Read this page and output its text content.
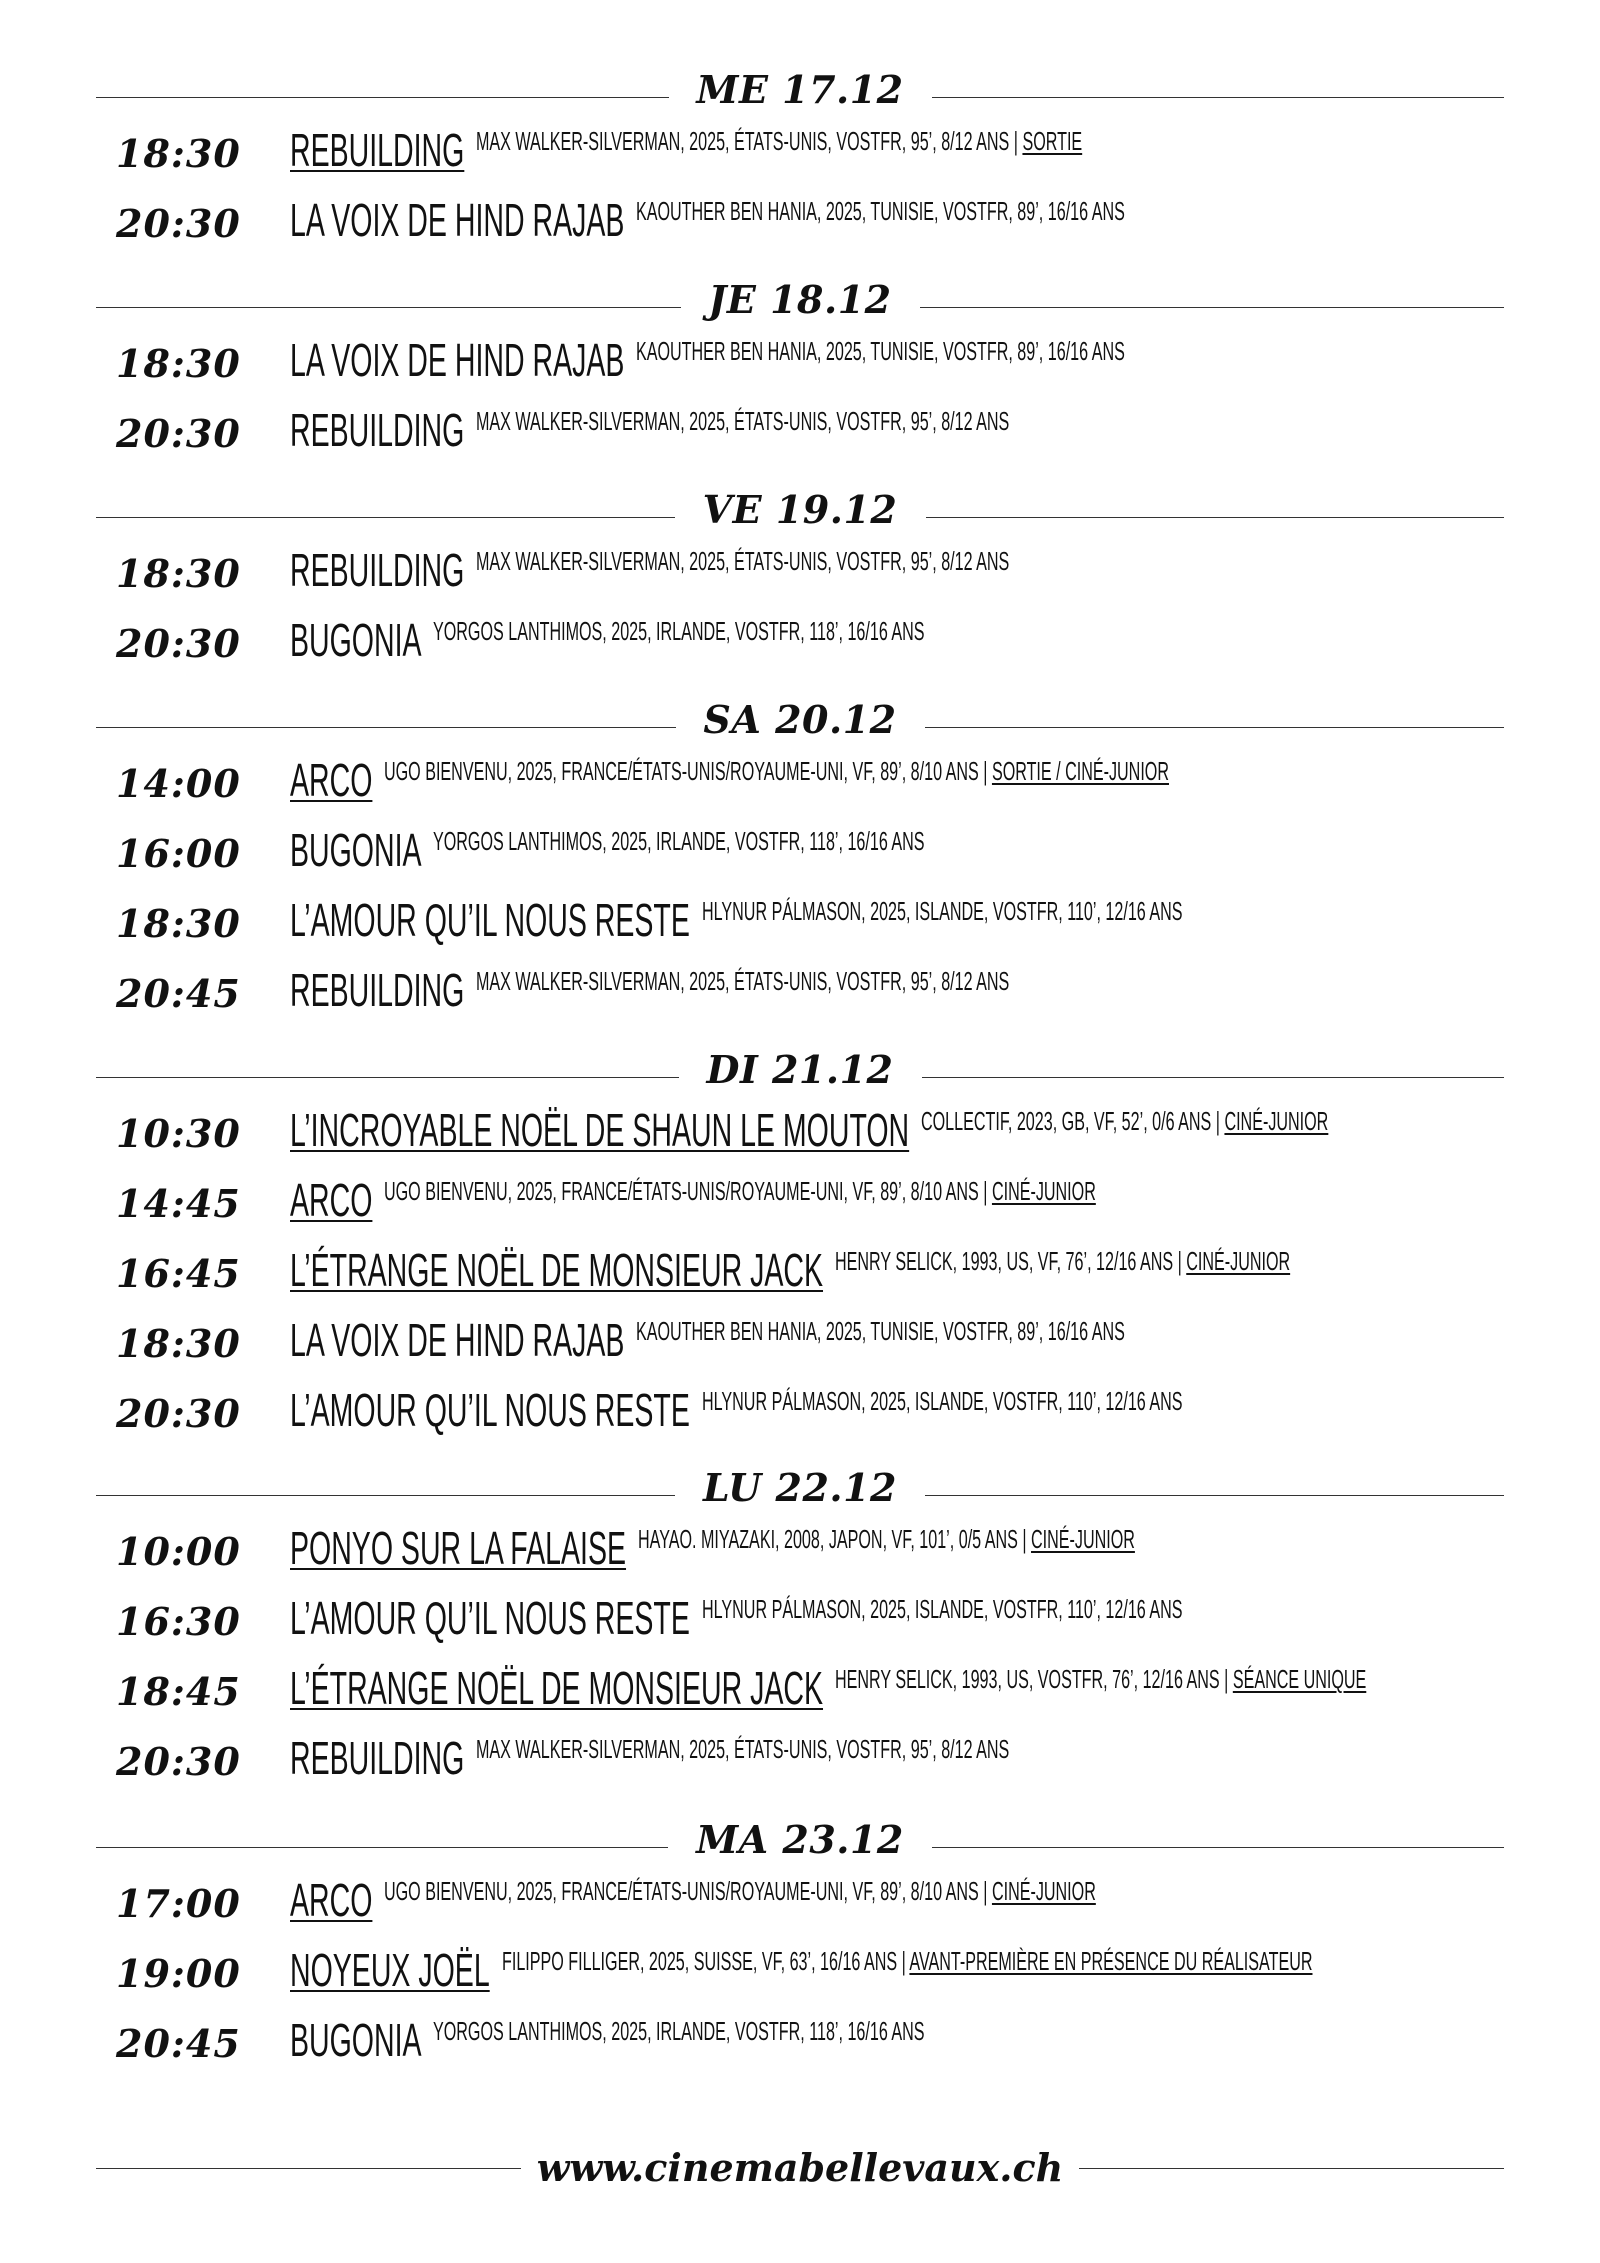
ME 17.12
18:30	REBUILDING MAX WALKER-SILVERMAN, 2025, ÉTATS-UNIS, VOSTFR, 95’, 8/12 ANS | SORTIE
20:30	LA VOIX DE HIND RAJAB KAOUTHER BEN HANIA, 2025, TUNISIE, VOSTFR, 89’, 16/16 ANS
JE 18.12
18:30	LA VOIX DE HIND RAJAB KAOUTHER BEN HANIA, 2025, TUNISIE, VOSTFR, 89’, 16/16 ANS
20:30	REBUILDING MAX WALKER-SILVERMAN, 2025, ÉTATS-UNIS, VOSTFR, 95’, 8/12 ANS
VE 19.12
18:30	REBUILDING MAX WALKER-SILVERMAN, 2025, ÉTATS-UNIS, VOSTFR, 95’, 8/12 ANS
20:30	BUGONIA YORGOS LANTHIMOS, 2025, IRLANDE, VOSTFR, 118’, 16/16 ANS
SA 20.12
14:00	ARCO UGO BIENVENU, 2025, FRANCE/ÉTATS-UNIS/ROYAUME-UNI, VF, 89’, 8/10 ANS | SORTIE / CINÉ-JUNIOR
16:00	BUGONIA YORGOS LANTHIMOS, 2025, IRLANDE, VOSTFR, 118’, 16/16 ANS
18:30	L’AMOUR QU’IL NOUS RESTE HLYNUR PÁLMASON, 2025, ISLANDE, VOSTFR, 110’, 12/16 ANS
20:45	REBUILDING MAX WALKER-SILVERMAN, 2025, ÉTATS-UNIS, VOSTFR, 95’, 8/12 ANS
DI 21.12
10:30	L’INCROYABLE NOËL DE SHAUN LE MOUTON COLLECTIF, 2023, GB, VF, 52’, 0/6 ANS | CINÉ-JUNIOR
14:45	ARCO UGO BIENVENU, 2025, FRANCE/ÉTATS-UNIS/ROYAUME-UNI, VF, 89’, 8/10 ANS | CINÉ-JUNIOR
16:45	L’ÉTRANGE NOËL DE MONSIEUR JACK HENRY SELICK, 1993, US, VF, 76’, 12/16 ANS | CINÉ-JUNIOR
18:30	LA VOIX DE HIND RAJAB KAOUTHER BEN HANIA, 2025, TUNISIE, VOSTFR, 89’, 16/16 ANS
20:30	L’AMOUR QU’IL NOUS RESTE HLYNUR PÁLMASON, 2025, ISLANDE, VOSTFR, 110’, 12/16 ANS
LU 22.12
10:00	PONYO SUR LA FALAISE HAYAO. MIYAZAKI, 2008, JAPON, VF, 101’, 0/5 ANS | CINÉ-JUNIOR
16:30	L’AMOUR QU’IL NOUS RESTE HLYNUR PÁLMASON, 2025, ISLANDE, VOSTFR, 110’, 12/16 ANS
18:45	L’ÉTRANGE NOËL DE MONSIEUR JACK HENRY SELICK, 1993, US, VOSTFR, 76’, 12/16 ANS | SÉANCE UNIQUE
20:30	REBUILDING MAX WALKER-SILVERMAN, 2025, ÉTATS-UNIS, VOSTFR, 95’, 8/12 ANS
MA 23.12
17:00	ARCO UGO BIENVENU, 2025, FRANCE/ÉTATS-UNIS/ROYAUME-UNI, VF, 89’, 8/10 ANS | CINÉ-JUNIOR
19:00	NOYEUX JOËL FILIPPO FILLIGER, 2025, SUISSE, VF, 63’, 16/16 ANS | AVANT-PREMIÈRE EN PRÉSENCE DU RÉALISATEUR
20:45	BUGONIA YORGOS LANTHIMOS, 2025, IRLANDE, VOSTFR, 118’, 16/16 ANS
www.cinemabellevaux.ch
